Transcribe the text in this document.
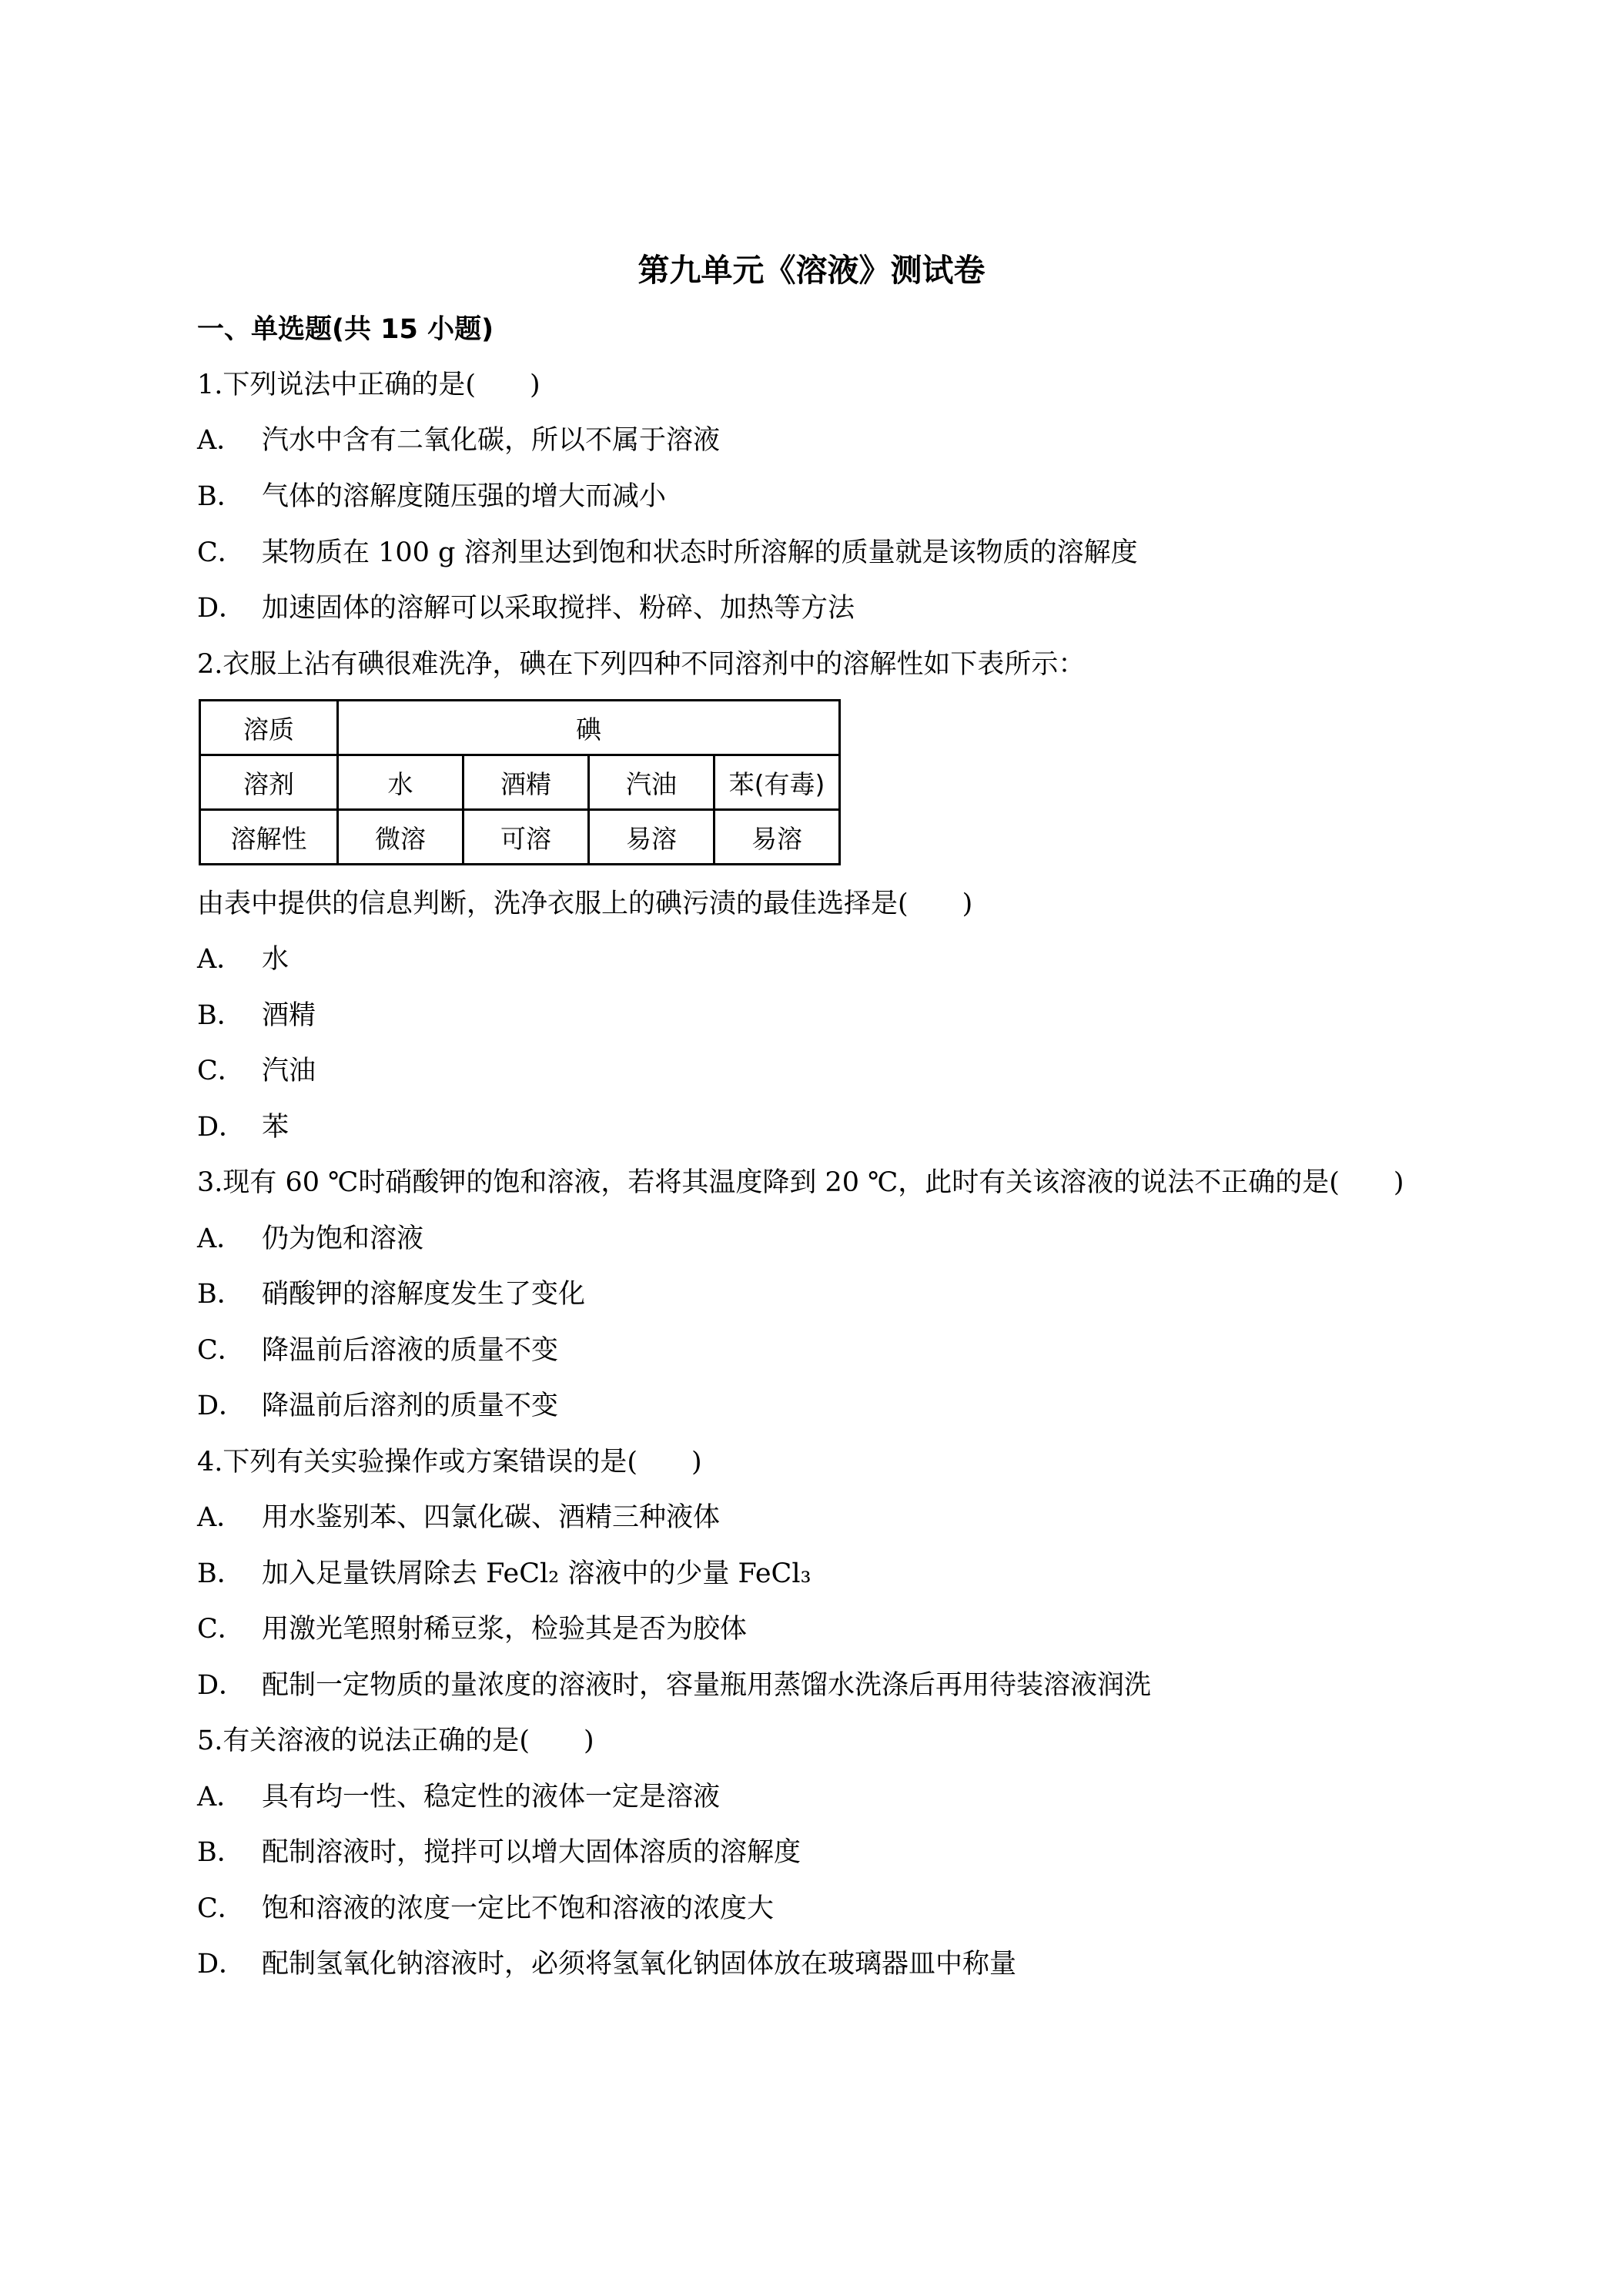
第九单元《溶液》测试卷
一、单选题(共 15 小题)
1.下列说法中正确的是(　　)
A． 汽水中含有二氧化碳，所以不属于溶液
B． 气体的溶解度随压强的增大而减小
C． 某物质在 100 g 溶剂里达到饱和状态时所溶解的质量就是该物质的溶解度
D． 加速固体的溶解可以采取搅拌、粉碎、加热等方法
2.衣服上沾有碘很难洗净，碘在下列四种不同溶剂中的溶解性如下表所示：
溶质	碘			
溶剂	水	酒精	汽油	苯(有毒)
溶解性	微溶	可溶	易溶	易溶
由表中提供的信息判断，洗净衣服上的碘污渍的最佳选择是(　　)
A． 水
B． 酒精
C． 汽油
D． 苯
3.现有 60 ℃时硝酸钾的饱和溶液，若将其温度降到 20 ℃，此时有关该溶液的说法不正确的是(　　)
A． 仍为饱和溶液
B． 硝酸钾的溶解度发生了变化
C． 降温前后溶液的质量不变
D． 降温前后溶剂的质量不变
4.下列有关实验操作或方案错误的是(　　)
A． 用水鉴别苯、四氯化碳、酒精三种液体
B． 加入足量铁屑除去 FeCl₂ 溶液中的少量 FeCl₃
C． 用激光笔照射稀豆浆，检验其是否为胶体
D． 配制一定物质的量浓度的溶液时，容量瓶用蒸馏水洗涤后再用待装溶液润洗
5.有关溶液的说法正确的是(　　)
A． 具有均一性、稳定性的液体一定是溶液
B． 配制溶液时，搅拌可以增大固体溶质的溶解度
C． 饱和溶液的浓度一定比不饱和溶液的浓度大
D． 配制氢氧化钠溶液时，必须将氢氧化钠固体放在玻璃器皿中称量
